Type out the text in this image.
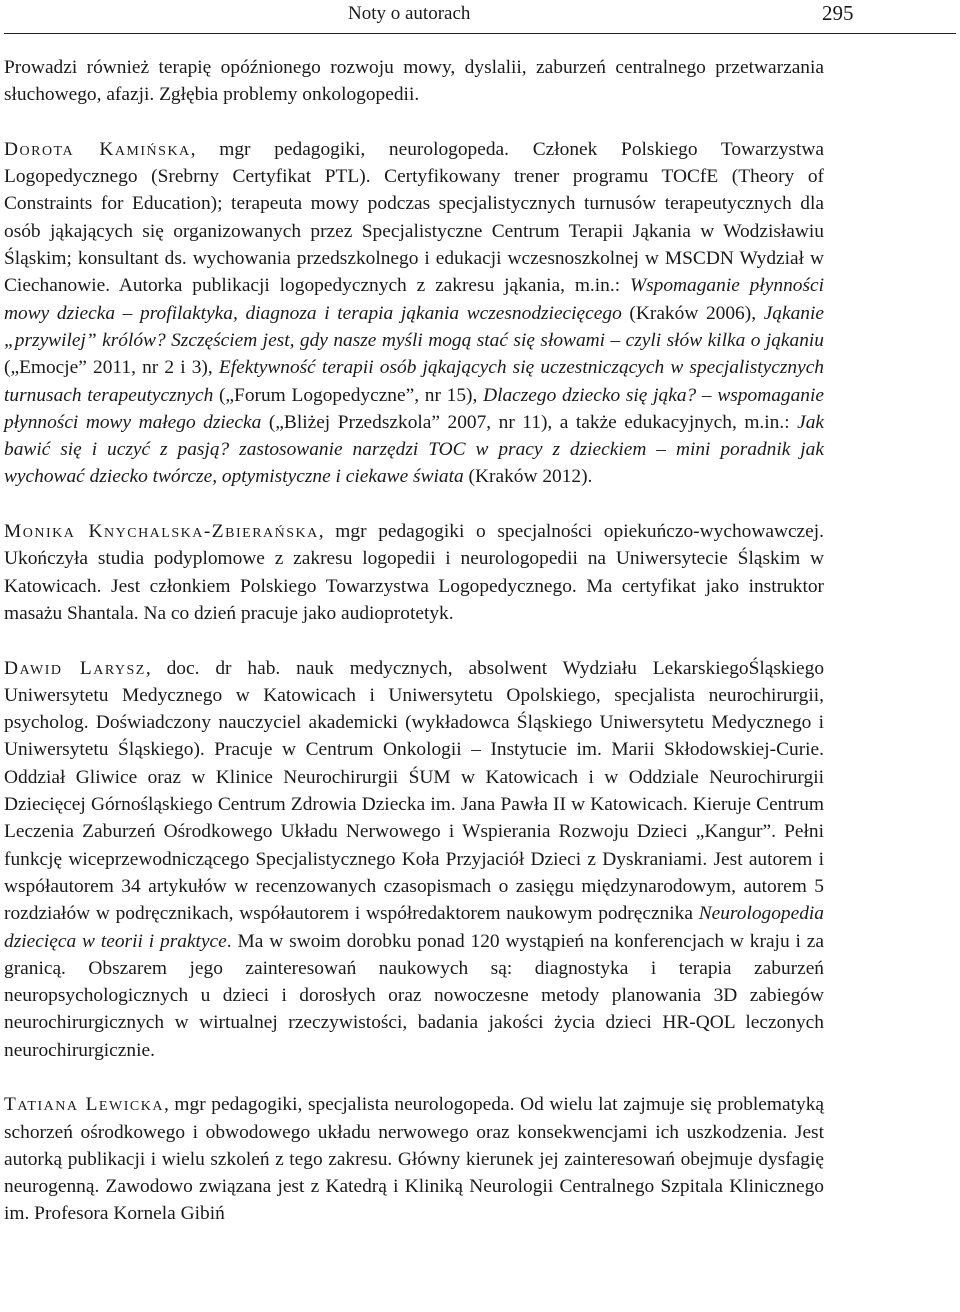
Noty o autorach	295

Prowadzi również terapię opóźnionego rozwoju mowy, dyslalii, zaburzeń centralnego przetwarzania słuchowego, afazji. Zgłębia problemy onkologopedii.

Dorota Kamińska, mgr pedagogiki, neurologopeda. Członek Polskiego Towarzystwa Logopedycznego (Srebrny Certyfikat PTL). Certyfikowany trener programu TOCfE (Theory of Constraints for Education); terapeuta mowy podczas specjalistycznych turnusów terapeutycznych dla osób jąkających się organizowanych przez Specjalistyczne Centrum Terapii Jąkania w Wodzisławiu Śląskim; konsultant ds. wychowania przedszkolnego i edukacji wczesnoszkolnej w MSCDN Wydział w Ciechanowie. Autorka publikacji logopedycznych z zakresu jąkania, m.in.: Wspomaganie płynności mowy dziecka – profilaktyka, diagnoza i terapia jąkania wczesnodziecięcego (Kraków 2006), Jąkanie „przywilej” królów? Szczęściem jest, gdy nasze myśli mogą stać się słowami – czyli słów kilka o jąkaniu („Emocje” 2011, nr 2 i 3), Efektywność terapii osób jąkających się uczestniczących w specjalistycznych turnusach terapeutycznych („Forum Logopedyczne”, nr 15), Dlaczego dziecko się jąka? – wspomaganie płynności mowy małego dziecka („Bliżej Przedszkola” 2007, nr 11), a także edukacyjnych, m.in.: Jak bawić się i uczyć z pasją? zastosowanie narzędzi TOC w pracy z dzieckiem – mini poradnik jak wychować dziecko twórcze, optymistyczne i ciekawe świata (Kraków 2012).

Monika Knychalska-Zbierańska, mgr pedagogiki o specjalności opiekuńczo-wychowawczej. Ukończyła studia podyplomowe z zakresu logopedii i neurologopedii na Uniwersytecie Śląskim w Katowicach. Jest członkiem Polskiego Towarzystwa Logopedycznego. Ma certyfikat jako instruktor masażu Shantala. Na co dzień pracuje jako audioprotetyk.

Dawid Larysz, doc. dr hab. nauk medycznych, absolwent Wydziału LekarskiegoŚląskiego Uniwersytetu Medycznego w Katowicach i Uniwersytetu Opolskiego, specjalista neurochirurgii, psycholog. Doświadczony nauczyciel akademicki (wykładowca Śląskiego Uniwersytetu Medycznego i Uniwersytetu Śląskiego). Pracuje w Centrum Onkologii – Instytucie im. Marii Skłodowskiej-Curie. Oddział Gliwice oraz w Klinice Neurochirurgii ŚUM w Katowicach i w Oddziale Neurochirurgii Dziecięcej Górnośląskiego Centrum Zdrowia Dziecka im. Jana Pawła II w Katowicach. Kieruje Centrum Leczenia Zaburzeń Ośrodkowego Układu Nerwowego i Wspierania Rozwoju Dzieci „Kangur”. Pełni funkcję wiceprzewodniczącego Specjalistycznego Koła Przyjaciół Dzieci z Dyskraniami. Jest autorem i współautorem 34 artykułów w recenzowanych czasopismach o zasięgu międzynarodowym, autorem 5 rozdziałów w podręcznikach, współautorem i współredaktorem naukowym podręcznika Neurologopedia dziecięca w teorii i praktyce. Ma w swoim dorobku ponad 120 wystąpień na konferencjach w kraju i za granicą. Obszarem jego zainteresowań naukowych są: diagnostyka i terapia zaburzeń neuropsychologicznych u dzieci i dorosłych oraz nowoczesne metody planowania 3D zabiegów neurochirurgicznych w wirtualnej rzeczywistości, badania jakości życia dzieci HR-QOL leczonych neurochirurgicznie.

Tatiana Lewicka, mgr pedagogiki, specjalista neurologopeda. Od wielu lat zajmuje się problematyką schorzeń ośrodkowego i obwodowego układu nerwowego oraz konsekwencjami ich uszkodzenia. Jest autorką publikacji i wielu szkoleń z tego zakresu. Główny kierunek jej zainteresowań obejmuje dysfagię neurogenną. Zawodowo związana jest z Katedrą i Kliniką Neurologii Centralnego Szpitala Klinicznego im. Profesora Kornela Gibiń
